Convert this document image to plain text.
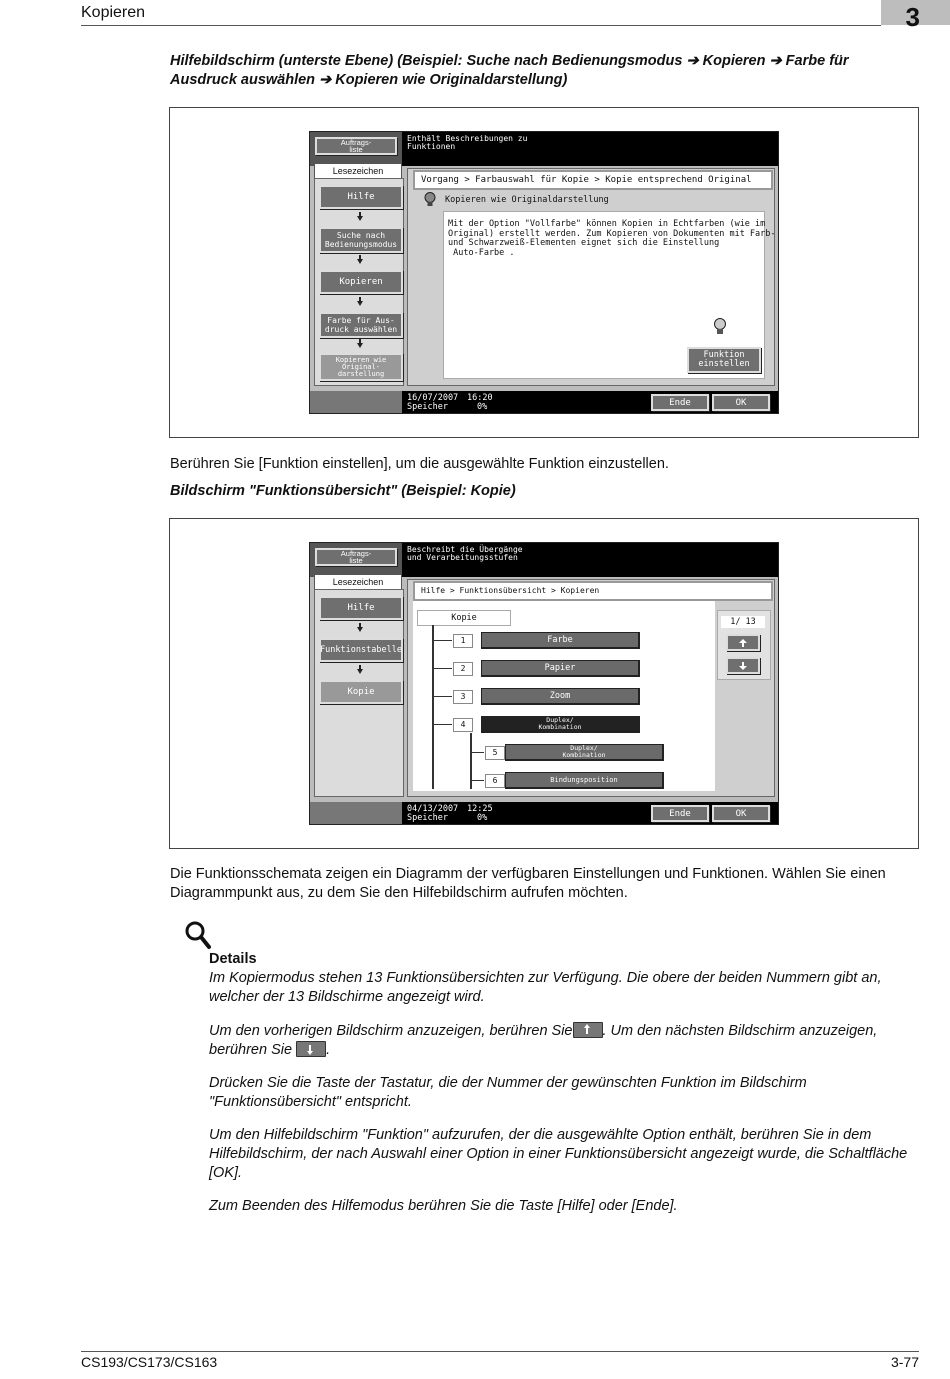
Kopieren	3
Hilfebildschirm (unterste Ebene) (Beispiel: Suche nach Bedienungsmodus ➔ Kopieren ➔ Farbe für Ausdruck auswählen ➔ Kopieren wie Originaldarstellung)
Auftrags-
liste
Enthält Beschreibungen zu
Funktionen
Lesezeichen
Hilfe
Suche nach
Bedienungsmodus
Kopieren
Farbe für Aus-
druck auswählen
Kopieren wie
Original-
darstellung
Vorgang > Farbauswahl für Kopie > Kopie entsprechend Original
Kopieren wie Originaldarstellung
Mit der Option "Vollfarbe" können Kopien in Echtfarben (wie im
Original) erstellt werden. Zum Kopieren von Dokumenten mit Farb-
und Schwarzweiß-Elementen eignet sich die Einstellung
Auto-Farbe .
Funktion
einstellen
16/07/2007 16:20
Speicher	0%	Ende	OK
Berühren Sie [Funktion einstellen], um die ausgewählte Funktion einzustellen.
Bildschirm "Funktionsübersicht" (Beispiel: Kopie)
Auftrags-
liste
Beschreibt die Übergänge
und Verarbeitungsstufen
Lesezeichen
Hilfe
Funktionstabelle
Kopie
Hilfe > Funktionsübersicht > Kopieren
Kopie
1	Farbe
2	Papier
3	Zoom
4	Duplex/
Kombination
5	Duplex/
Kombination
6	Bindungsposition
1/ 13
04/13/2007 12:25
Speicher	0%	Ende	OK
Die Funktionsschemata zeigen ein Diagramm der verfügbaren Einstellungen und Funktionen. Wählen Sie einen Diagrammpunkt aus, zu dem Sie den Hilfebildschirm aufrufen möchten.
Details
Im Kopiermodus stehen 13 Funktionsübersichten zur Verfügung. Die obere der beiden Nummern gibt an, welcher der 13 Bildschirme angezeigt wird.
Um den vorherigen Bildschirm anzuzeigen, berühren Sie . Um den nächsten Bildschirm anzuzeigen, berühren Sie .
Drücken Sie die Taste der Tastatur, die der Nummer der gewünschten Funktion im Bildschirm "Funktionsübersicht" entspricht.
Um den Hilfebildschirm "Funktion" aufzurufen, der die ausgewählte Option enthält, berühren Sie in dem Hilfebildschirm, der nach Auswahl einer Option in einer Funktionsübersicht angezeigt wurde, die Schaltfläche [OK].
Zum Beenden des Hilfemodus berühren Sie die Taste [Hilfe] oder [Ende].
CS193/CS173/CS163	3-77
